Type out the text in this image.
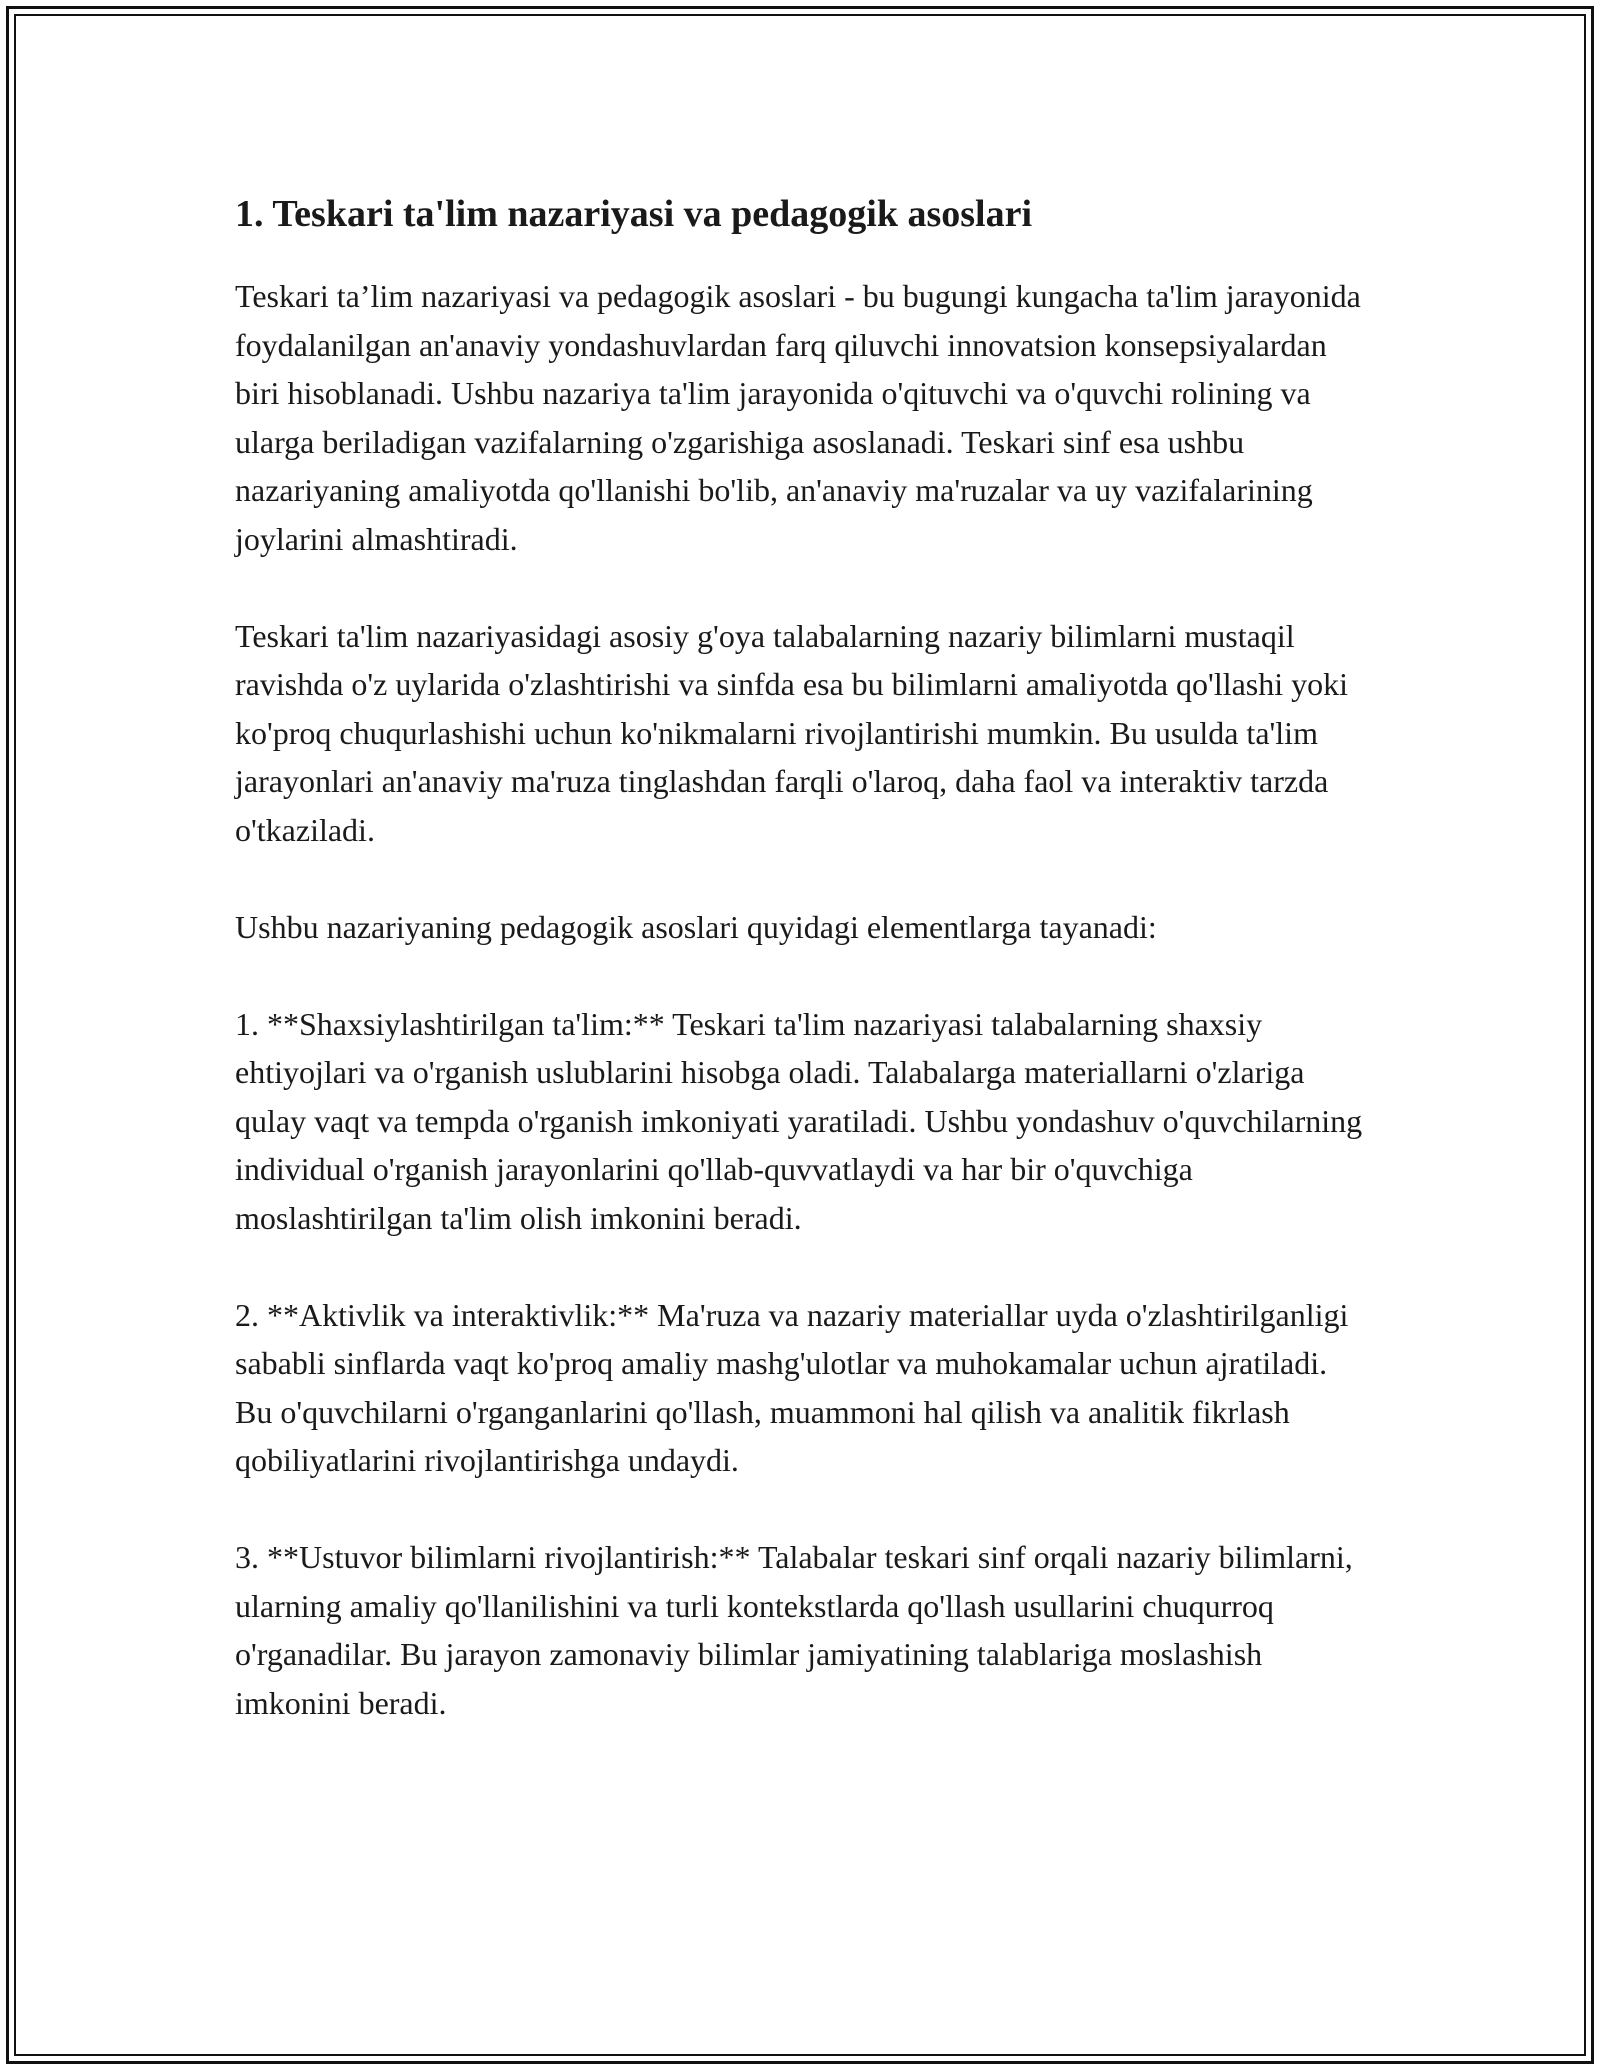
1. Teskari ta'lim nazariyasi va pedagogik asoslari

Teskari ta’lim nazariyasi va pedagogik asoslari - bu bugungi kungacha ta'lim jarayonida foydalanilgan an'anaviy yondashuvlardan farq qiluvchi innovatsion konsepsiyalardan biri hisoblanadi. Ushbu nazariya ta'lim jarayonida o'qituvchi va o'quvchi rolining va ularga beriladigan vazifalarning o'zgarishiga asoslanadi. Teskari sinf esa ushbu nazariyaning amaliyotda qo'llanishi bo'lib, an'anaviy ma'ruzalar va uy vazifalarining joylarini almashtiradi.

Teskari ta'lim nazariyasidagi asosiy g'oya talabalarning nazariy bilimlarni mustaqil ravishda o'z uylarida o'zlashtirishi va sinfda esa bu bilimlarni amaliyotda qo'llashi yoki ko'proq chuqurlashishi uchun ko'nikmalarni rivojlantirishi mumkin. Bu usulda ta'lim jarayonlari an'anaviy ma'ruza tinglashdan farqli o'laroq, daha faol va interaktiv tarzda o'tkaziladi.

Ushbu nazariyaning pedagogik asoslari quyidagi elementlarga tayanadi:

1. **Shaxsiylashtirilgan ta'lim:** Teskari ta'lim nazariyasi talabalarning shaxsiy ehtiyojlari va o'rganish uslublarini hisobga oladi. Talabalarga materiallarni o'zlariga qulay vaqt va tempda o'rganish imkoniyati yaratiladi. Ushbu yondashuv o'quvchilarning individual o'rganish jarayonlarini qo'llab-quvvatlaydi va har bir o'quvchiga moslashtirilgan ta'lim olish imkonini beradi.

2. **Aktivlik va interaktivlik:** Ma'ruza va nazariy materiallar uyda o'zlashtirilganligi sababli sinflarda vaqt ko'proq amaliy mashg'ulotlar va muhokamalar uchun ajratiladi. Bu o'quvchilarni o'rganganlarini qo'llash, muammoni hal qilish va analitik fikrlash qobiliyatlarini rivojlantirishga undaydi.

3. **Ustuvor bilimlarni rivojlantirish:** Talabalar teskari sinf orqali nazariy bilimlarni, ularning amaliy qo'llanilishini va turli kontekstlarda qo'llash usullarini chuqurroq o'rganadilar. Bu jarayon zamonaviy bilimlar jamiyatining talablariga moslashish imkonini beradi.
